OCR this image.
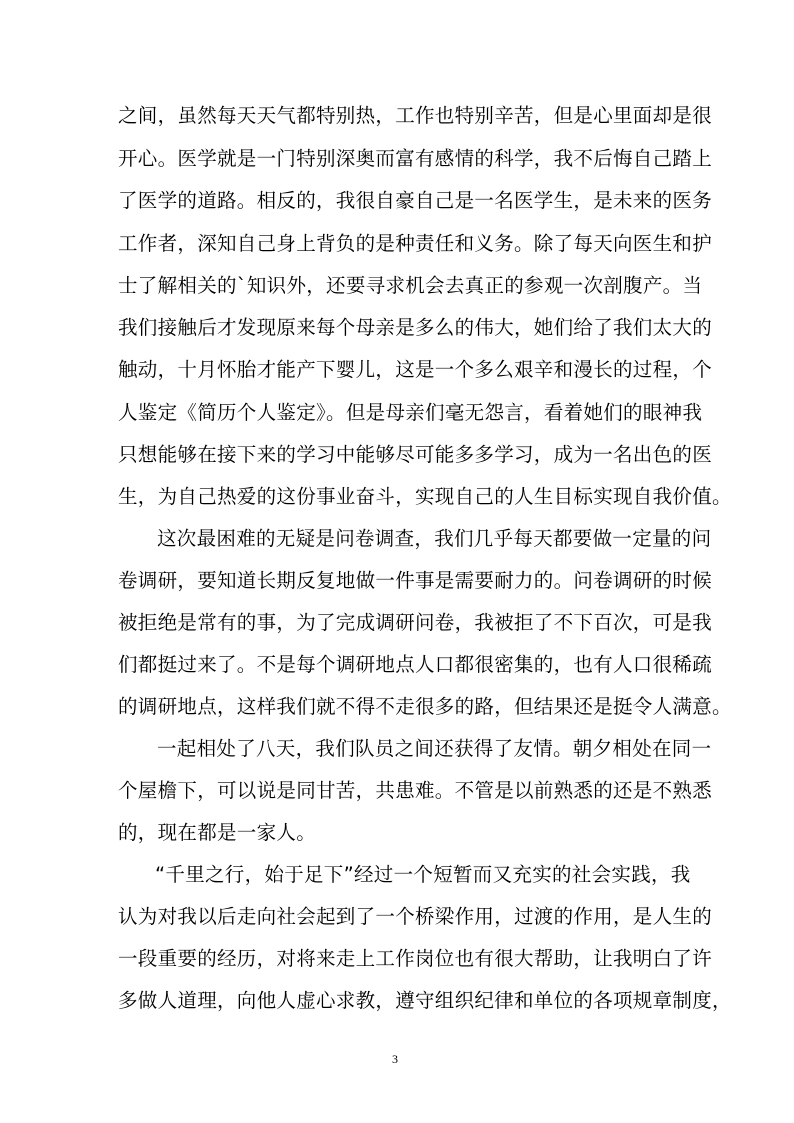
之间，虽然每天天气都特别热，工作也特别辛苦，但是心里面却是很
开心。医学就是一门特别深奥而富有感情的科学，我不后悔自己踏上
了医学的道路。相反的，我很自豪自己是一名医学生，是未来的医务
工作者，深知自己身上背负的是种责任和义务。除了每天向医生和护
士了解相关的`知识外，还要寻求机会去真正的参观一次剖腹产。当
我们接触后才发现原来每个母亲是多么的伟大，她们给了我们太大的
触动，十月怀胎才能产下婴儿，这是一个多么艰辛和漫长的过程，个
人鉴定《简历个人鉴定》。但是母亲们毫无怨言，看着她们的眼神我
只想能够在接下来的学习中能够尽可能多多学习，成为一名出色的医
生，为自己热爱的这份事业奋斗，实现自己的人生目标实现自我价值。
这次最困难的无疑是问卷调查，我们几乎每天都要做一定量的问
卷调研，要知道长期反复地做一件事是需要耐力的。问卷调研的时候
被拒绝是常有的事，为了完成调研问卷，我被拒了不下百次，可是我
们都挺过来了。不是每个调研地点人口都很密集的，也有人口很稀疏
的调研地点，这样我们就不得不走很多的路，但结果还是挺令人满意。
一起相处了八天，我们队员之间还获得了友情。朝夕相处在同一
个屋檐下，可以说是同甘苦，共患难。不管是以前熟悉的还是不熟悉
的，现在都是一家人。
“千里之行，始于足下”经过一个短暂而又充实的社会实践，我
认为对我以后走向社会起到了一个桥梁作用，过渡的作用，是人生的
一段重要的经历，对将来走上工作岗位也有很大帮助，让我明白了许
多做人道理，向他人虚心求教，遵守组织纪律和单位的各项规章制度，
3
